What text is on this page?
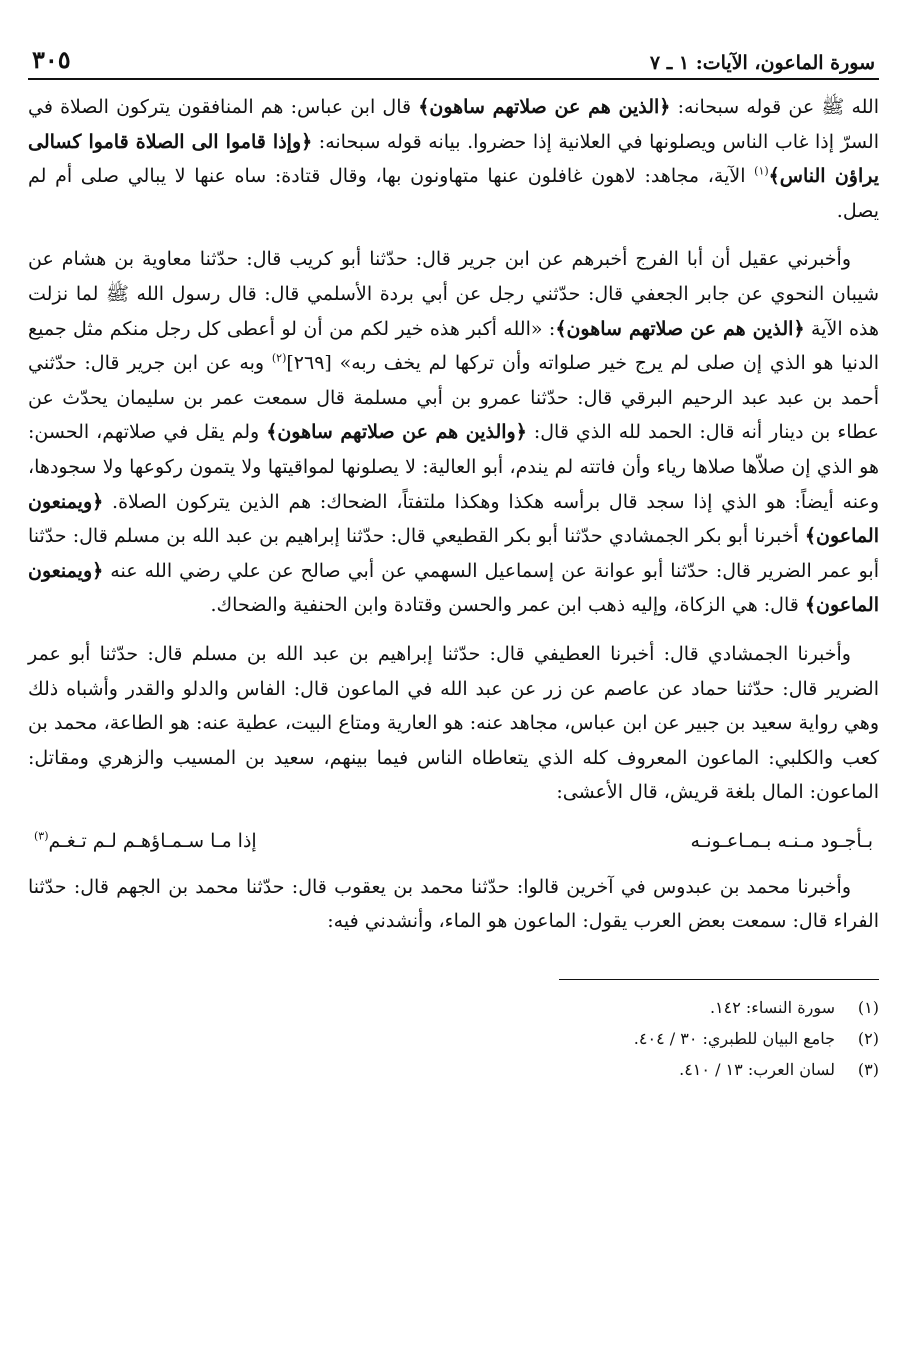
سورة الماعون، الآيات: ١ ـ ٧
٣٠٥

الله ﷺ عن قوله سبحانه: ﴿الذين هم عن صلاتهم ساهون﴾ قال ابن عباس: هم المنافقون يتركون الصلاة في السرّ إذا غاب الناس ويصلونها في العلانية إذا حضروا. بيانه قوله سبحانه: ﴿وإذا قاموا الى الصلاة قاموا كسالى يراؤن الناس﴾$^{(١)}$ الآية، مجاهد: لاهون غافلون عنها متهاونون بها، وقال قتادة: ساه عنها لا يبالي صلى أم لم يصل.

وأخبرني عقيل أن أبا الفرج أخبرهم عن ابن جرير قال: حدّثنا أبو كريب قال: حدّثنا معاوية بن هشام عن شيبان النحوي عن جابر الجعفي قال: حدّثني رجل عن أبي بردة الأسلمي قال: قال رسول الله ﷺ لما نزلت هذه الآية ﴿الذين هم عن صلاتهم ساهون﴾: «الله أكبر هذه خير لكم من أن لو أعطى كل رجل منكم مثل جميع الدنيا هو الذي إن صلى لم يرج خير صلواته وأن تركها لم يخف ربه» [٢٦٩]$^{(٢)}$ وبه عن ابن جرير قال: حدّثني أحمد بن عبد عبد الرحيم البرقي قال: حدّثنا عمرو بن أبي مسلمة قال سمعت عمر بن سليمان يحدّث عن عطاء بن دينار أنه قال: الحمد لله الذي قال: ﴿والذين هم عن صلاتهم ساهون﴾ ولم يقل في صلاتهم، الحسن: هو الذي إن صلاّها صلاها رياء وأن فاتته لم يندم، أبو العالية: لا يصلونها لمواقيتها ولا يتمون ركوعها ولا سجودها، وعنه أيضاً: هو الذي إذا سجد قال برأسه هكذا وهكذا ملتفتاً، الضحاك: هم الذين يتركون الصلاة. ﴿ويمنعون الماعون﴾ أخبرنا أبو بكر الجمشادي حدّثنا أبو بكر القطيعي قال: حدّثنا إبراهيم بن عبد الله بن مسلم قال: حدّثنا أبو عمر الضرير قال: حدّثنا أبو عوانة عن إسماعيل السهمي عن أبي صالح عن علي رضي الله عنه ﴿ويمنعون الماعون﴾ قال: هي الزكاة، وإليه ذهب ابن عمر والحسن وقتادة وابن الحنفية والضحاك.

وأخبرنا الجمشادي قال: أخبرنا العطيفي قال: حدّثنا إبراهيم بن عبد الله بن مسلم قال: حدّثنا أبو عمر الضرير قال: حدّثنا حماد عن عاصم عن زر عن عبد الله في الماعون قال: الفاس والدلو والقدر وأشباه ذلك وهي رواية سعيد بن جبير عن ابن عباس، مجاهد عنه: هو العارية ومتاع البيت، عطية عنه: هو الطاعة، محمد بن كعب والكلبي: الماعون المعروف كله الذي يتعاطاه الناس فيما بينهم، سعيد بن المسيب والزهري ومقاتل: الماعون: المال بلغة قريش، قال الأعشى:

بـأجـود مـنـه بـمـاعـونـه
إذا مـا سـمـاؤهـم لـم تـغـم$^{(٣)}$

وأخبرنا محمد بن عبدوس في آخرين قالوا: حدّثنا محمد بن يعقوب قال: حدّثنا محمد بن الجهم قال: حدّثنا الفراء قال: سمعت بعض العرب يقول: الماعون هو الماء، وأنشدني فيه:

(١)
سورة النساء: ١٤٢.
(٢)
جامع البيان للطبري: ٣٠ / ٤٠٤.
(٣)
لسان العرب: ١٣ / ٤١٠.
